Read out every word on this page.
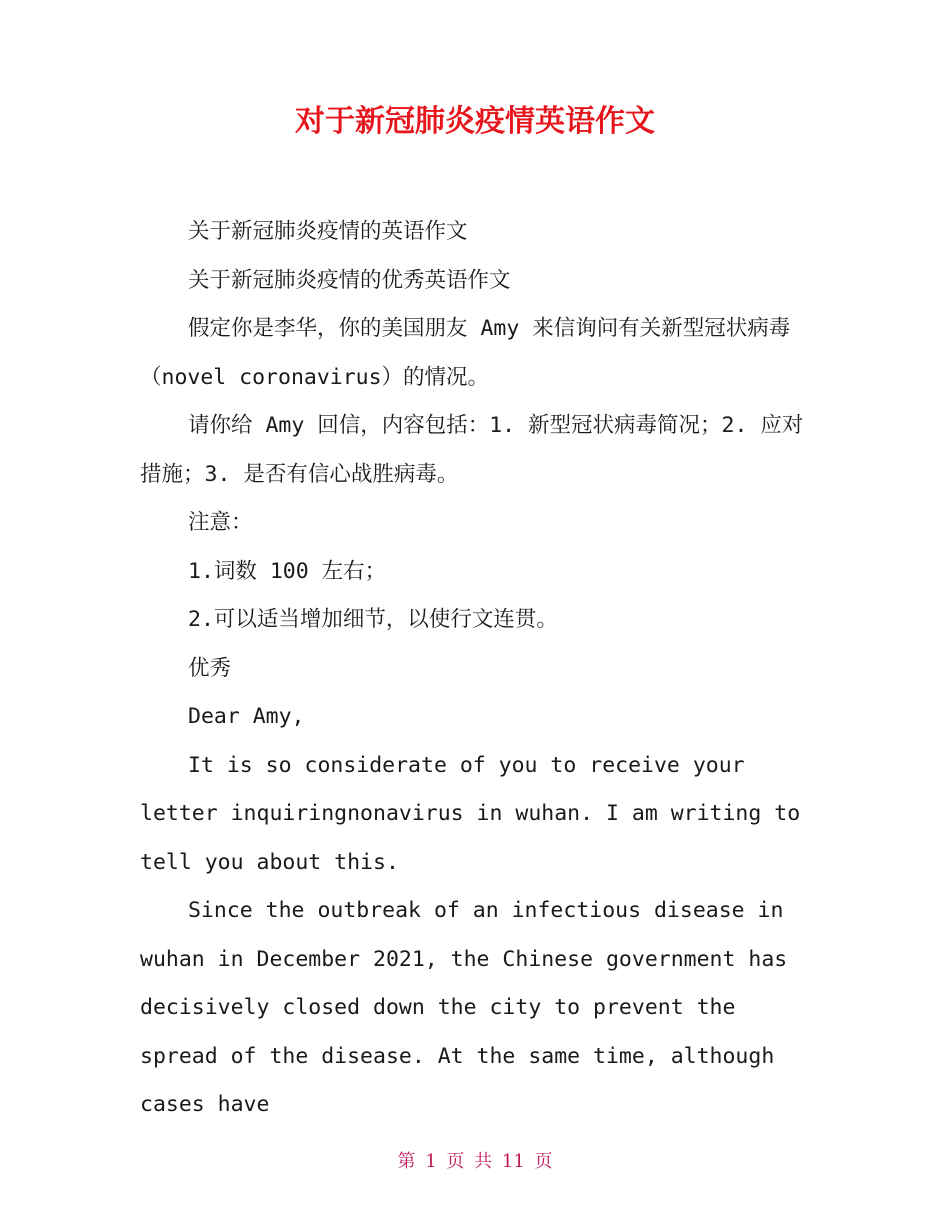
对于新冠肺炎疫情英语作文

关于新冠肺炎疫情的英语作文

关于新冠肺炎疫情的优秀英语作文

假定你是李华，你的美国朋友 Amy 来信询问有关新型冠状病毒（novel coronavirus）的情况。

请你给 Amy 回信，内容包括：1. 新型冠状病毒简况；2. 应对措施；3. 是否有信心战胜病毒。

注意：

1.词数 100 左右；

2.可以适当增加细节，以使行文连贯。

优秀

Dear Amy,

It is so considerate of you to receive your letter inquiringnonavirus in wuhan. I am writing to tell you about this.

Since the outbreak of an infectious disease in wuhan in December 2021, the Chinese government has decisively closed down the city to prevent the spread of the disease. At the same time, although cases have

第 1 页 共 11 页
